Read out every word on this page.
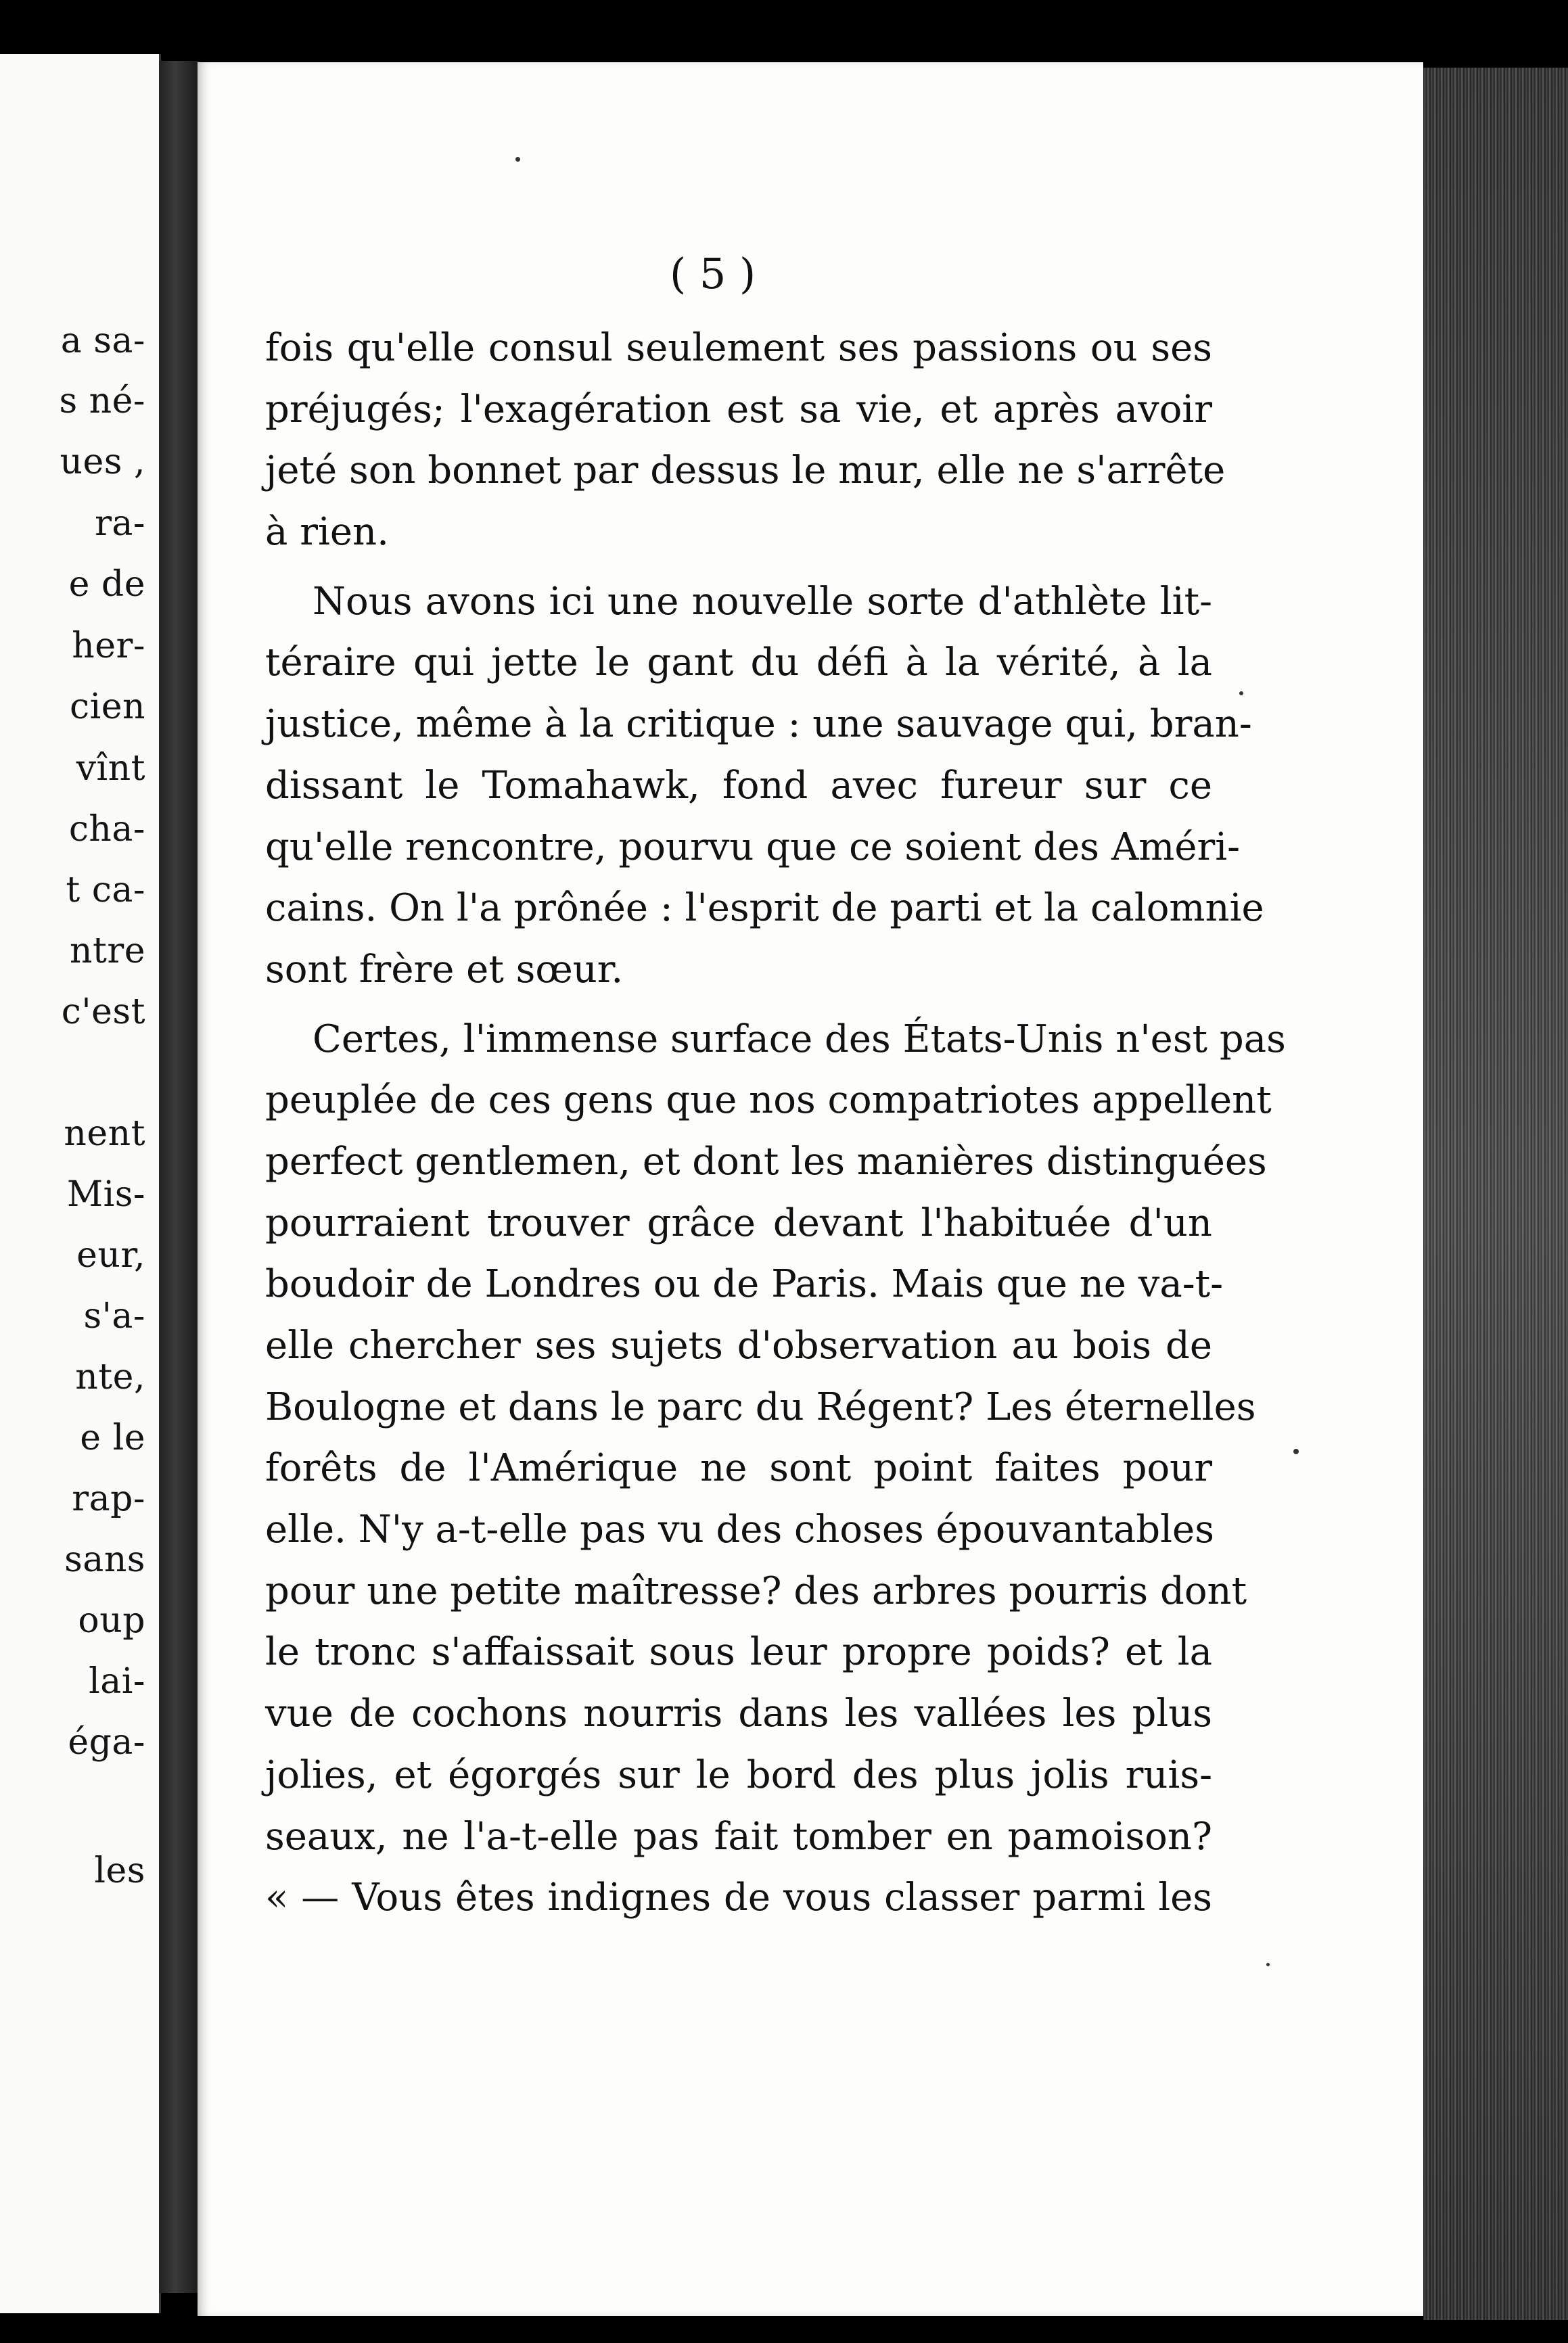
a sa-
s né-
ues ,
ra-
e de
her-
cien
vînt
cha-
t ca-
ntre
c'est
nent
Mis-
eur,
s'a-
nte,
e le
rap-
sans
oup
lai-
éga-
les
( 5 )
fois qu'elle consul seulement ses passions ou ses
préjugés; l'exagération est sa vie, et après avoir
jeté son bonnet par dessus le mur, elle ne s'arrête
à rien.
Nous avons ici une nouvelle sorte d'athlète lit-
téraire qui jette le gant du défi à la vérité, à la
justice, même à la critique : une sauvage qui, bran-
dissant le Tomahawk, fond avec fureur sur ce
qu'elle rencontre, pourvu que ce soient des Améri-
cains. On l'a prônée : l'esprit de parti et la calomnie
sont frère et sœur.
Certes, l'immense surface des États-Unis n'est pas
peuplée de ces gens que nos compatriotes appellent
perfect gentlemen, et dont les manières distinguées
pourraient trouver grâce devant l'habituée d'un
boudoir de Londres ou de Paris. Mais que ne va-t-
elle chercher ses sujets d'observation au bois de
Boulogne et dans le parc du Régent? Les éternelles
forêts de l'Amérique ne sont point faites pour
elle. N'y a-t-elle pas vu des choses épouvantables
pour une petite maîtresse? des arbres pourris dont
le tronc s'affaissait sous leur propre poids? et la
vue de cochons nourris dans les vallées les plus
jolies, et égorgés sur le bord des plus jolis ruis-
seaux, ne l'a-t-elle pas fait tomber en pamoison?
« — Vous êtes indignes de vous classer parmi les
